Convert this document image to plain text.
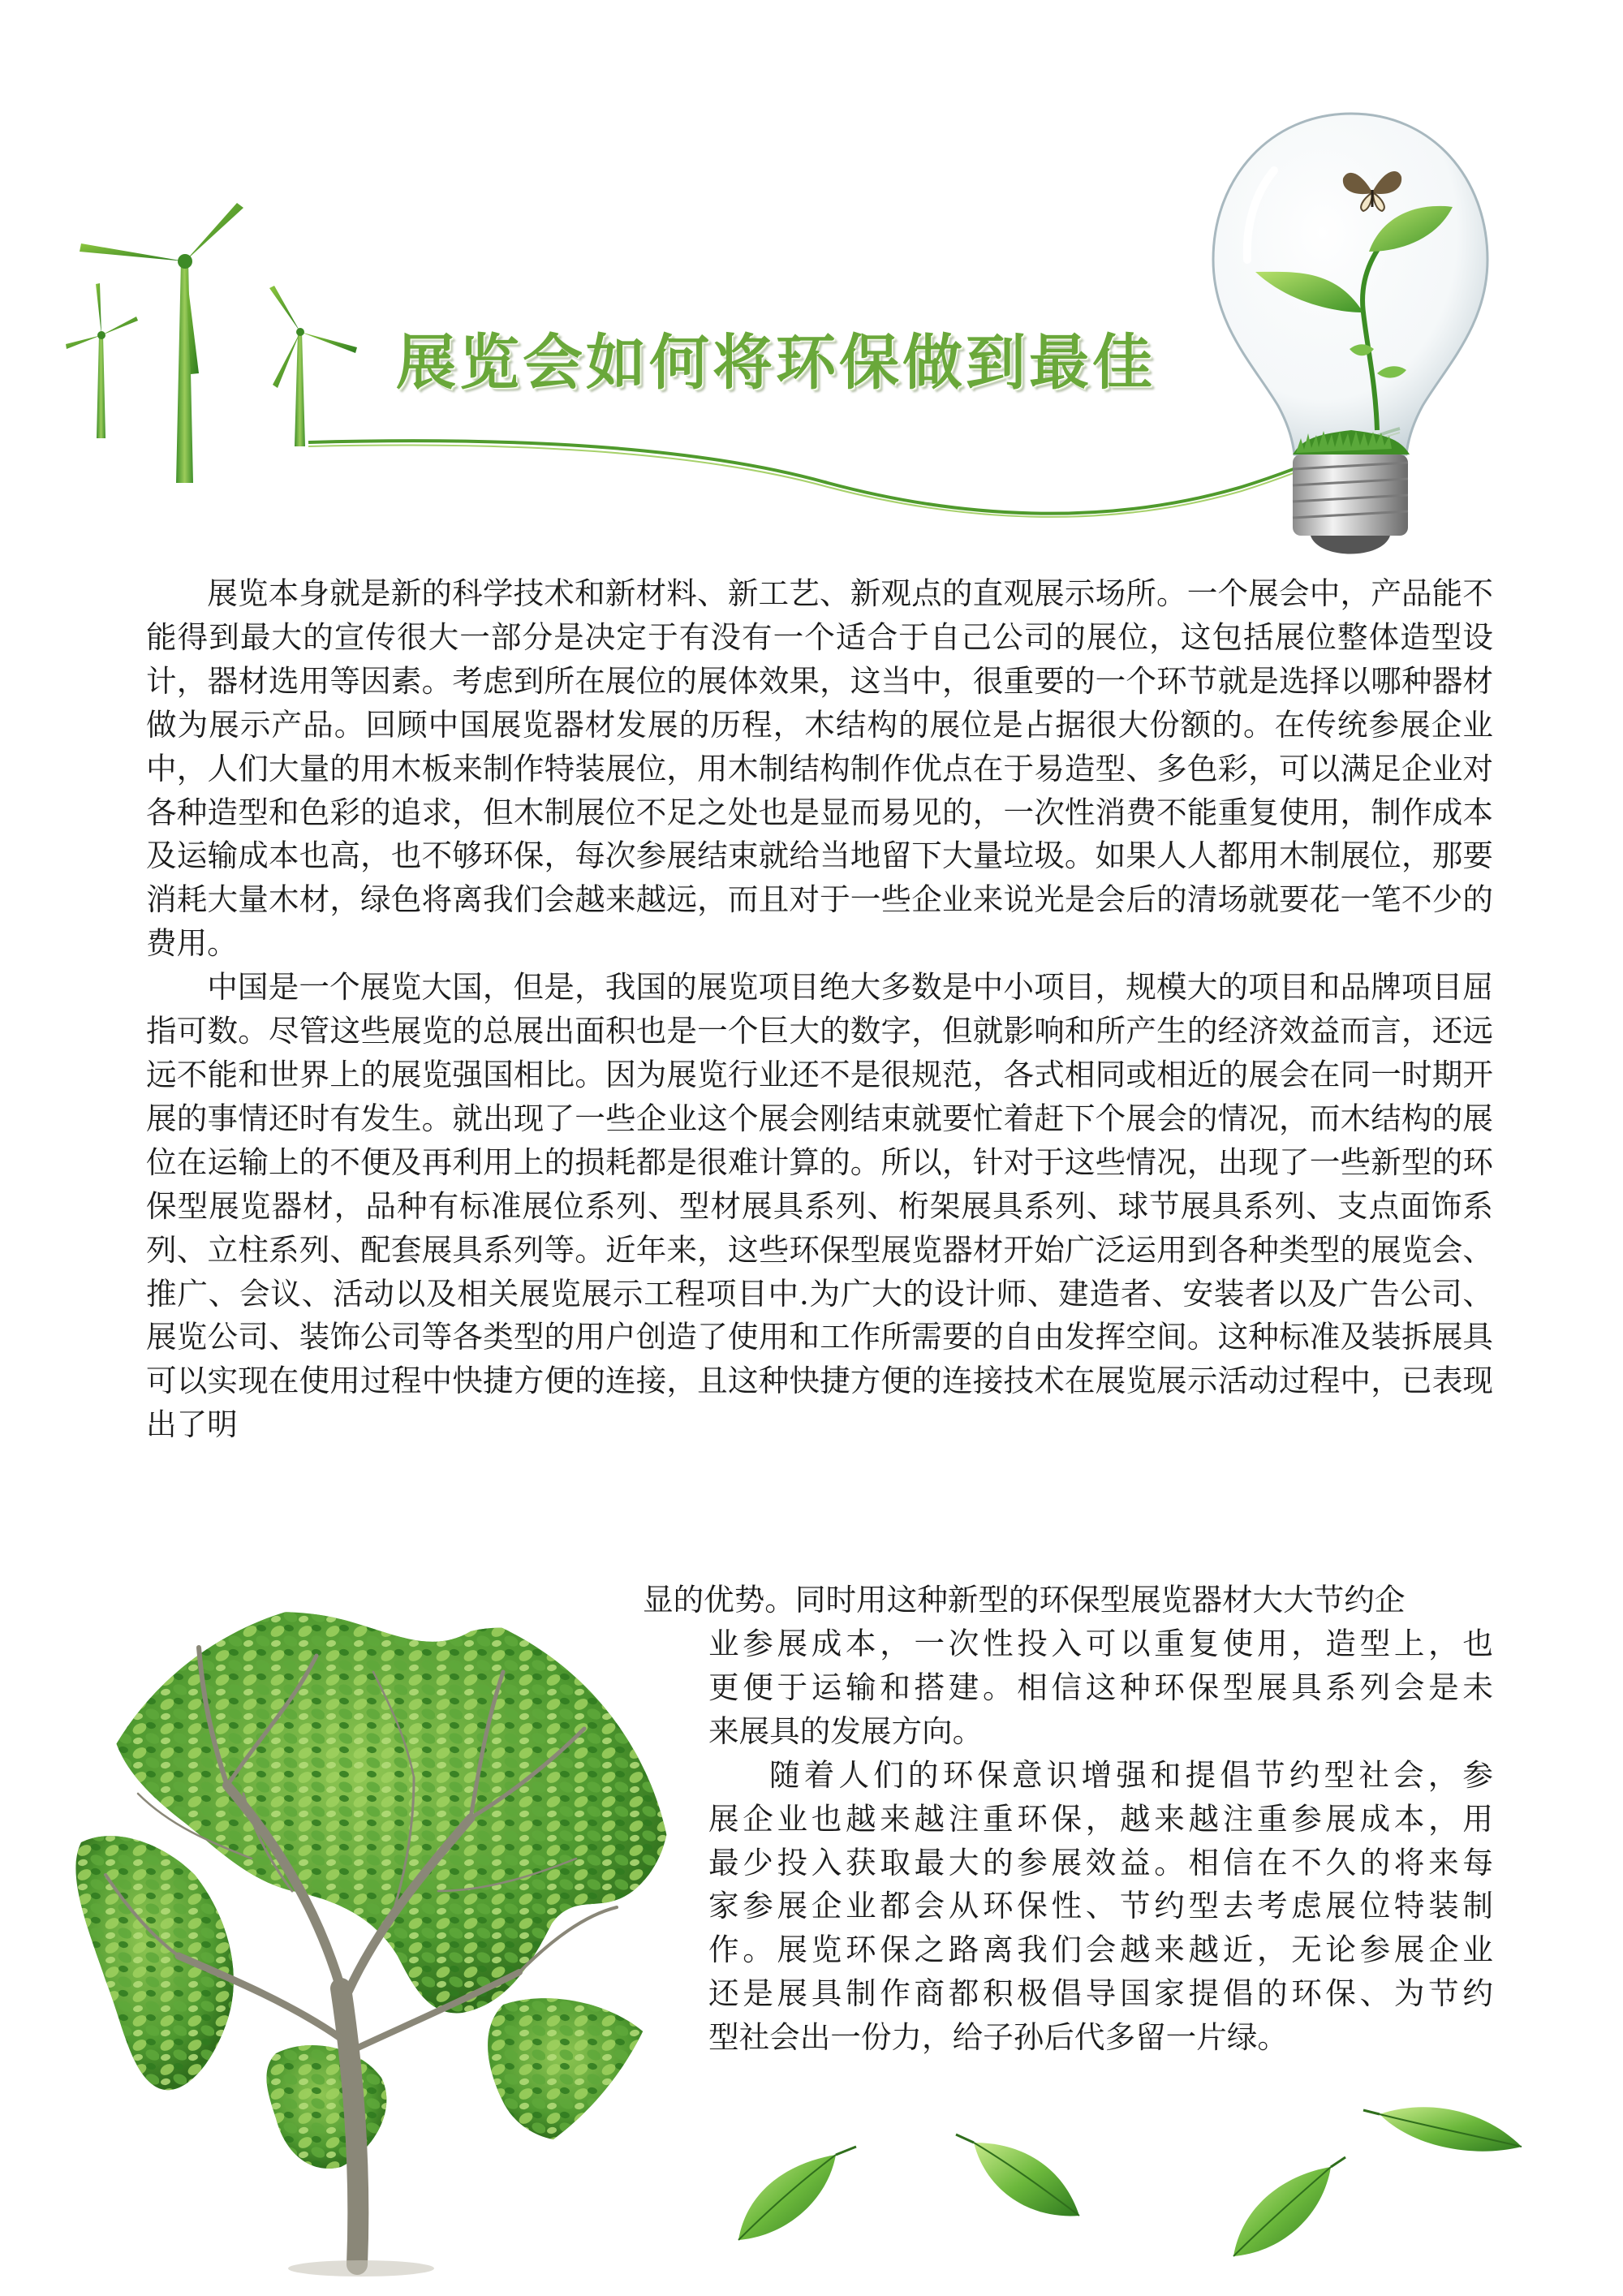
展览会如何将环保做到最佳

展览本身就是新的科学技术和新材料、新工艺、新观点的直观展示场所。一个展会中，产品能不能得到最大的宣传很大一部分是决定于有没有一个适合于自己公司的展位，这包括展位整体造型设计，器材选用等因素。考虑到所在展位的展体效果，这当中，很重要的一个环节就是选择以哪种器材做为展示产品。回顾中国展览器材发展的历程，木结构的展位是占据很大份额的。在传统参展企业中，人们大量的用木板来制作特装展位，用木制结构制作优点在于易造型、多色彩，可以满足企业对各种造型和色彩的追求，但木制展位不足之处也是显而易见的，一次性消费不能重复使用，制作成本及运输成本也高，也不够环保，每次参展结束就给当地留下大量垃圾。如果人人都用木制展位，那要消耗大量木材，绿色将离我们会越来越远，而且对于一些企业来说光是会后的清场就要花一笔不少的费用。

中国是一个展览大国，但是，我国的展览项目绝大多数是中小项目，规模大的项目和品牌项目屈指可数。尽管这些展览的总展出面积也是一个巨大的数字，但就影响和所产生的经济效益而言，还远远不能和世界上的展览强国相比。因为展览行业还不是很规范，各式相同或相近的展会在同一时期开展的事情还时有发生。就出现了一些企业这个展会刚结束就要忙着赶下个展会的情况，而木结构的展位在运输上的不便及再利用上的损耗都是很难计算的。所以，针对于这些情况，出现了一些新型的环保型展览器材，品种有标准展位系列、型材展具系列、桁架展具系列、球节展具系列、支点面饰系列、立柱系列、配套展具系列等。近年来，这些环保型展览器材开始广泛运用到各种类型的展览会、推广、会议、活动以及相关展览展示工程项目中.为广大的设计师、建造者、安装者以及广告公司、展览公司、装饰公司等各类型的用户创造了使用和工作所需要的自由发挥空间。这种标准及装拆展具可以实现在使用过程中快捷方便的连接，且这种快捷方便的连接技术在展览展示活动过程中，已表现出了明

显的优势。同时用这种新型的环保型展览器材大大节约企

业参展成本，一次性投入可以重复使用，造型上，也

更便于运输和搭建。相信这种环保型展具系列会是未

来展具的发展方向。

随着人们的环保意识增强和提倡节约型社会，参

展企业也越来越注重环保，越来越注重参展成本，用

最少投入获取最大的参展效益。相信在不久的将来每

家参展企业都会从环保性、节约型去考虑展位特装制

作。展览环保之路离我们会越来越近，无论参展企业

还是展具制作商都积极倡导国家提倡的环保、为节约

型社会出一份力，给子孙后代多留一片绿。
